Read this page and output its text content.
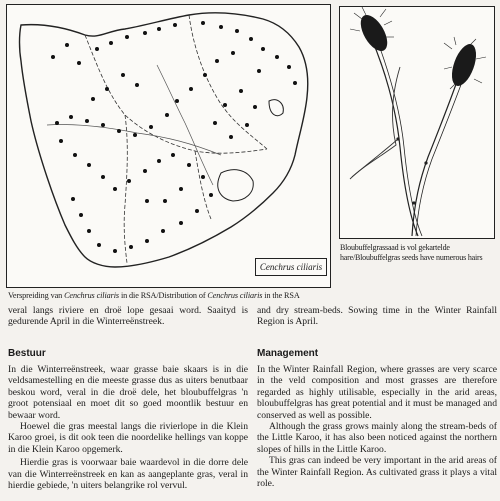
Cenchrus ciliaris
Verspreiding van Cenchrus ciliaris in die RSA/Distribution of Cenchrus ciliaris in the RSA
Bloubuffelgrassaad is vol gekartelde hare/Bloubuffelgras seeds have numerous hairs

veral langs riviere en droë lope gesaai word. Saaityd is gedurende April in die Winterreënstreek.

Bestuur

In die Winterreënstreek, waar grasse baie skaars is in die veldsamestelling en die meeste grasse dus as uiters benutbaar beskou word, veral in die droë dele, het bloubuffelgras 'n groot potensiaal en moet dit so goed moontlik bestuur en bewaar word.

Hoewel die gras meestal langs die rivierlope in die Klein Karoo groei, is dit ook teen die noordelike hellings van koppe in die Klein Karoo opgemerk.

Hierdie gras is voorwaar baie waardevol in die dorre dele van die Winterreënstreek en kan as aangeplante gras, veral in hierdie gebiede, 'n uiters belangrike rol vervul.

and dry stream-beds. Sowing time in the Winter Rainfall Region is April.

Management

In the Winter Rainfall Region, where grasses are very scarce in the veld composition and most grasses are therefore regarded as highly utilisable, especially in the arid areas, bloubuffelgras has great potential and it must be managed and conserved as well as possible.

Although the grass grows mainly along the stream-beds of the Little Karoo, it has also been noticed against the northern slopes of hills in the Little Karoo.

This gras can indeed be very important in the arid areas of the Winter Rainfall Region. As cultivated grass it plays a vital role.
